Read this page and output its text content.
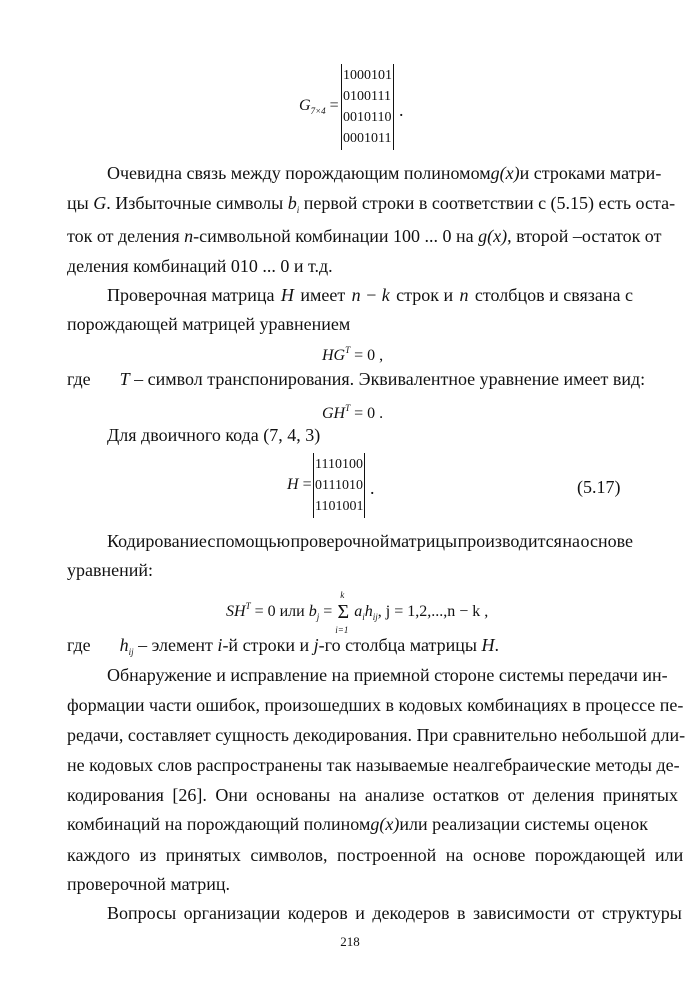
$G_{7\times 4}$ =
1000101
0100111
0010110
0001011
.
Очевидна связь между порождающим полиномом g(x) и строками матри-
цы G. Избыточные символы $b_i$ первой строки в соответствии с (5.15) есть оста-
ток от деления n-символьной комбинации 100 ... 0 на g(x), второй –остаток от
деления комбинаций 010 ... 0 и т.д.
Проверочная матрица H имеет n − k строк и n столбцов и связана с
порождающей матрицей уравнением
$HG^T = 0$ ,
где T – символ транспонирования. Эквивалентное уравнение имеет вид:
$GH^T = 0$ .
Для двоичного кода (7, 4, 3)
H =
1110100
0111010
1101001
.	(5.17)
Кодирование с помощью проверочной матрицы производится на основе
уравнений:
$SH^T = 0$ или $b_j$ =
k
Σ
i=1
$a_ih_{ij}$, j = 1,2,...,n − k ,
где $h_{ij}$ – элемент i-й строки и j-го столбца матрицы H.
Обнаружение и исправление на приемной стороне системы передачи ин-
формации части ошибок, произошедших в кодовых комбинациях в процессе пе-
редачи, составляет сущность декодирования. При сравнительно небольшой дли-
не кодовых слов распространены так называемые неалгебраические методы де-
кодирования [26]. Они основаны на анализе остатков от деления принятых
комбинаций на порождающий полином g(x) или реализации системы оценок
каждого из принятых символов, построенной на основе порождающей или
проверочной матриц.
Вопросы организации кодеров и декодеров в зависимости от структуры
218
